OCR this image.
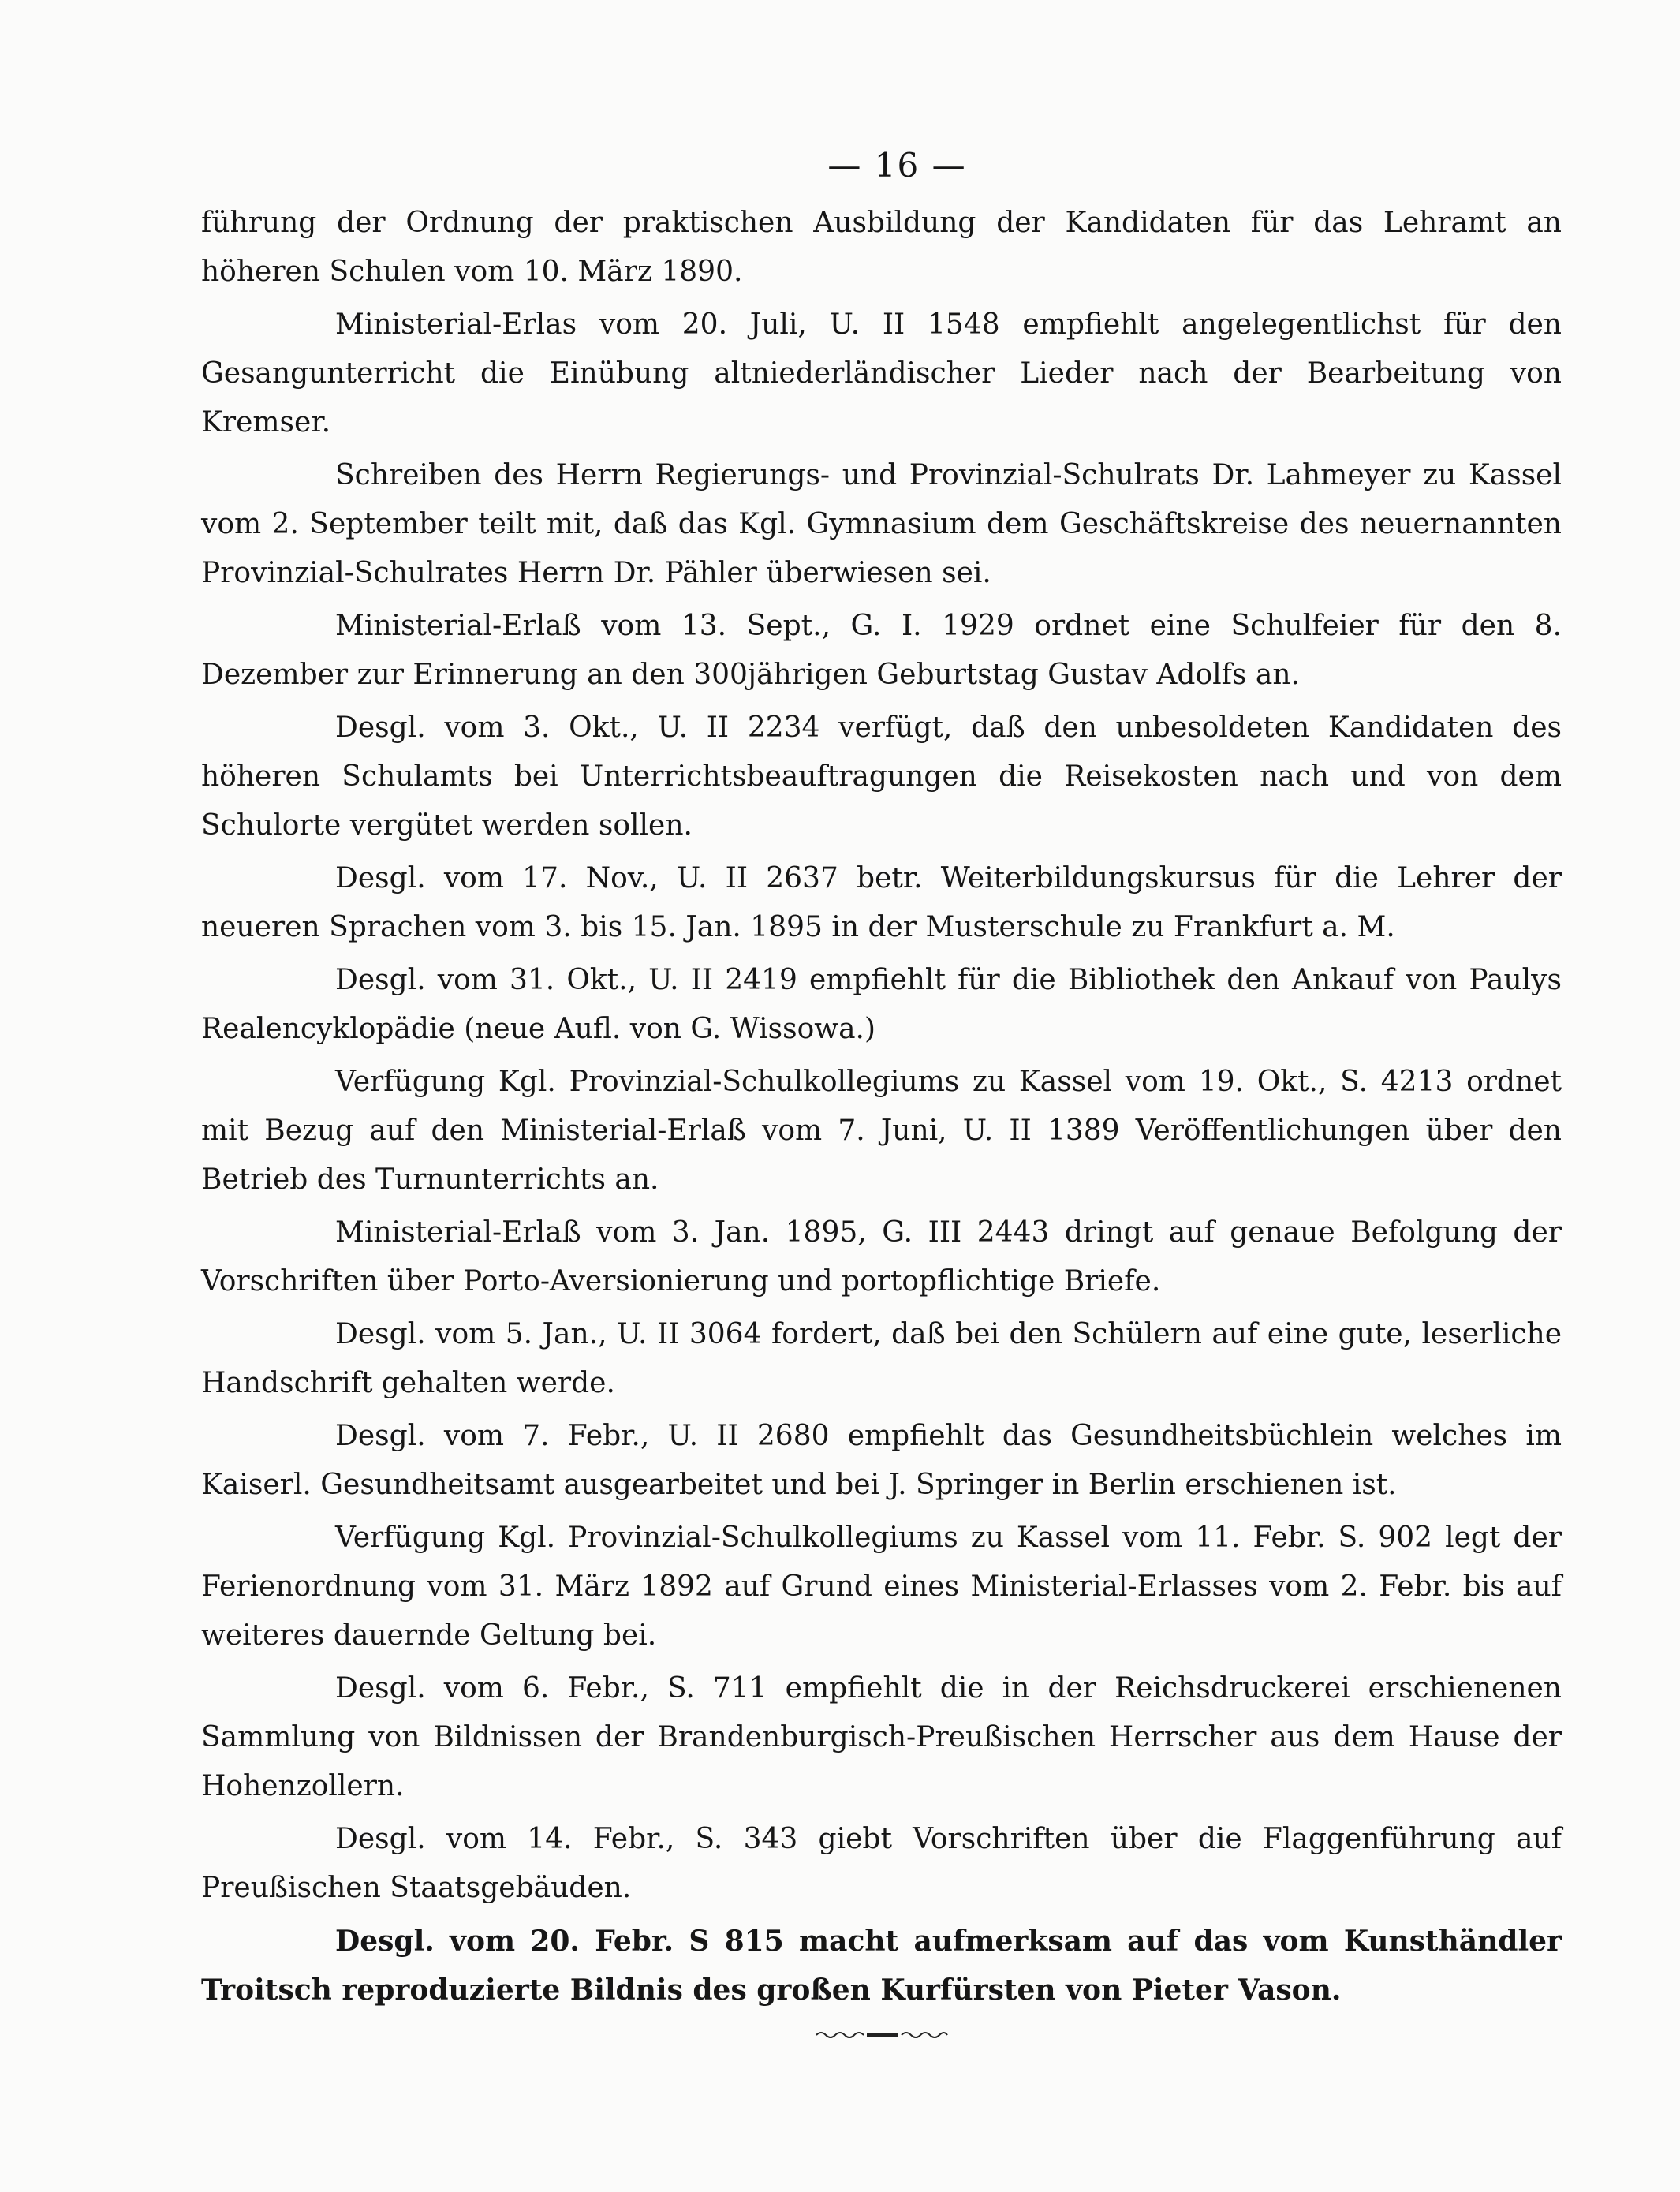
— 16 —

führung der Ordnung der praktischen Ausbildung der Kandidaten für das Lehramt an höheren Schulen vom 10. März 1890.

Ministerial-Erlas vom 20. Juli, U. II 1548 empfiehlt angelegentlichst für den Gesangunterricht die Einübung altniederländischer Lieder nach der Bearbeitung von Kremser.

Schreiben des Herrn Regierungs- und Provinzial-Schulrats Dr. Lahmeyer zu Kassel vom 2. September teilt mit, daß das Kgl. Gymnasium dem Geschäftskreise des neuernannten Provinzial-Schulrates Herrn Dr. Pähler überwiesen sei.

Ministerial-Erlaß vom 13. Sept., G. I. 1929 ordnet eine Schulfeier für den 8. Dezember zur Erinnerung an den 300jährigen Geburtstag Gustav Adolfs an.

Desgl. vom 3. Okt., U. II 2234 verfügt, daß den unbesoldeten Kandidaten des höheren Schulamts bei Unterrichtsbeauftragungen die Reisekosten nach und von dem Schulorte vergütet werden sollen.

Desgl. vom 17. Nov., U. II 2637 betr. Weiterbildungskursus für die Lehrer der neueren Sprachen vom 3. bis 15. Jan. 1895 in der Musterschule zu Frankfurt a. M.

Desgl. vom 31. Okt., U. II 2419 empfiehlt für die Bibliothek den Ankauf von Paulys Realencyklopädie (neue Aufl. von G. Wissowa.)

Verfügung Kgl. Provinzial-Schulkollegiums zu Kassel vom 19. Okt., S. 4213 ordnet mit Bezug auf den Ministerial-Erlaß vom 7. Juni, U. II 1389 Veröffentlichungen über den Betrieb des Turnunterrichts an.

Ministerial-Erlaß vom 3. Jan. 1895, G. III 2443 dringt auf genaue Befolgung der Vorschriften über Porto-Aversionierung und portopflichtige Briefe.

Desgl. vom 5. Jan., U. II 3064 fordert, daß bei den Schülern auf eine gute, leserliche Handschrift gehalten werde.

Desgl. vom 7. Febr., U. II 2680 empfiehlt das Gesundheitsbüchlein welches im Kaiserl. Gesundheitsamt ausgearbeitet und bei J. Springer in Berlin erschienen ist.

Verfügung Kgl. Provinzial-Schulkollegiums zu Kassel vom 11. Febr. S. 902 legt der Ferienordnung vom 31. März 1892 auf Grund eines Ministerial-Erlasses vom 2. Febr. bis auf weiteres dauernde Geltung bei.

Desgl. vom 6. Febr., S. 711 empfiehlt die in der Reichsdruckerei erschienenen Sammlung von Bildnissen der Brandenburgisch-Preußischen Herrscher aus dem Hause der Hohenzollern.

Desgl. vom 14. Febr., S. 343 giebt Vorschriften über die Flaggenführung auf Preußischen Staatsgebäuden.

Desgl. vom 20. Febr. S 815 macht aufmerksam auf das vom Kunsthändler Troitsch reproduzierte Bildnis des großen Kurfürsten von Pieter Vason.
